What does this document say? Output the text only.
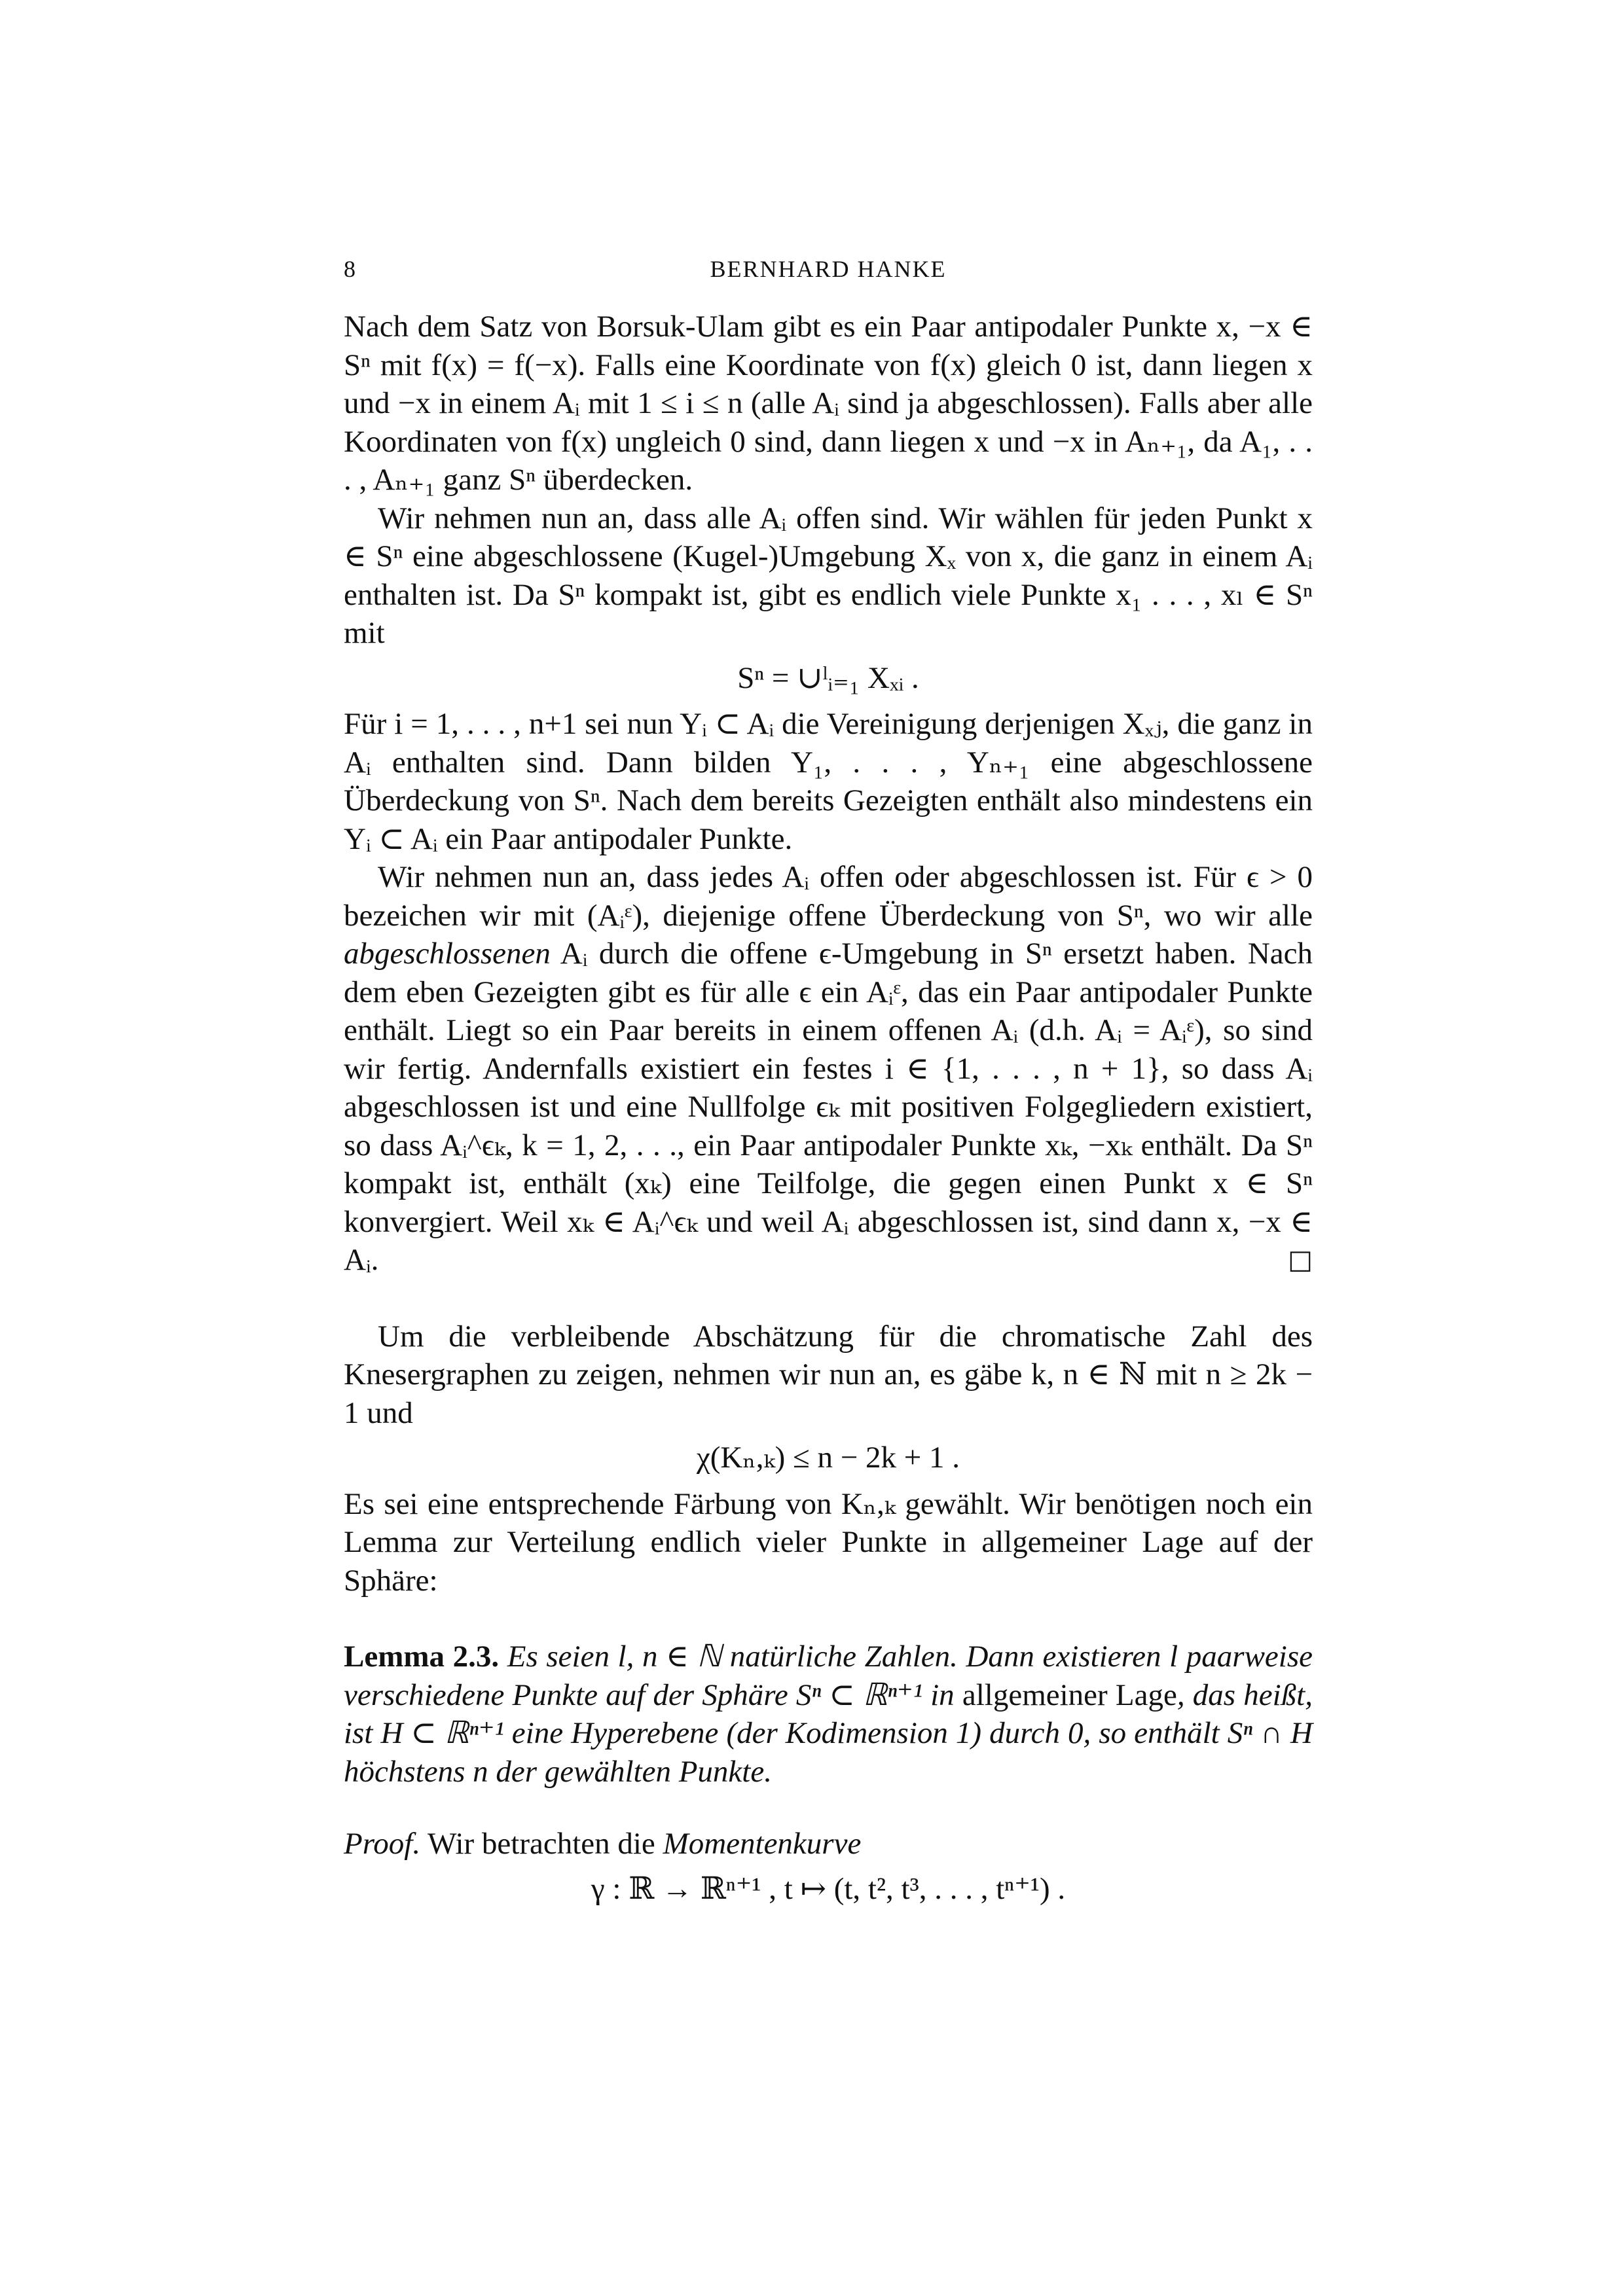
8	BERNHARD HANKE

Nach dem Satz von Borsuk-Ulam gibt es ein Paar antipodaler Punkte x, −x ∈ Sⁿ mit f(x) = f(−x). Falls eine Koordinate von f(x) gleich 0 ist, dann liegen x und −x in einem Aᵢ mit 1 ≤ i ≤ n (alle Aᵢ sind ja abgeschlossen). Falls aber alle Koordinaten von f(x) ungleich 0 sind, dann liegen x und −x in Aₙ₊₁, da A₁, . . . , Aₙ₊₁ ganz Sⁿ überdecken.

Wir nehmen nun an, dass alle Aᵢ offen sind. Wir wählen für jeden Punkt x ∈ Sⁿ eine abgeschlossene (Kugel-)Umgebung Xₓ von x, die ganz in einem Aᵢ enthalten ist. Da Sⁿ kompakt ist, gibt es endlich viele Punkte x₁ . . . , xₗ ∈ Sⁿ mit

Sⁿ = ∪ˡᵢ₌₁ Xₓᵢ .

Für i = 1, . . . , n+1 sei nun Yᵢ ⊂ Aᵢ die Vereinigung derjenigen Xₓⱼ, die ganz in Aᵢ enthalten sind. Dann bilden Y₁, . . . , Yₙ₊₁ eine abgeschlossene Überdeckung von Sⁿ. Nach dem bereits Gezeigten enthält also mindestens ein Yᵢ ⊂ Aᵢ ein Paar antipodaler Punkte.

Wir nehmen nun an, dass jedes Aᵢ offen oder abgeschlossen ist. Für ϵ > 0 bezeichen wir mit (Aᵢᵋ), diejenige offene Überdeckung von Sⁿ, wo wir alle abgeschlossenen Aᵢ durch die offene ϵ-Umgebung in Sⁿ ersetzt haben. Nach dem eben Gezeigten gibt es für alle ϵ ein Aᵢᵋ, das ein Paar antipodaler Punkte enthält. Liegt so ein Paar bereits in einem offenen Aᵢ (d.h. Aᵢ = Aᵢᵋ), so sind wir fertig. Andernfalls existiert ein festes i ∈ {1, . . . , n + 1}, so dass Aᵢ abgeschlossen ist und eine Nullfolge ϵₖ mit positiven Folgegliedern existiert, so dass Aᵢ^ϵₖ, k = 1, 2, . . ., ein Paar antipodaler Punkte xₖ, −xₖ enthält. Da Sⁿ kompakt ist, enthält (xₖ) eine Teilfolge, die gegen einen Punkt x ∈ Sⁿ konvergiert. Weil xₖ ∈ Aᵢ^ϵₖ und weil Aᵢ abgeschlossen ist, sind dann x, −x ∈ Aᵢ.	□

Um die verbleibende Abschätzung für die chromatische Zahl des Knesergraphen zu zeigen, nehmen wir nun an, es gäbe k, n ∈ ℕ mit n ≥ 2k − 1 und

χ(Kₙ,ₖ) ≤ n − 2k + 1 .

Es sei eine entsprechende Färbung von Kₙ,ₖ gewählt. Wir benötigen noch ein Lemma zur Verteilung endlich vieler Punkte in allgemeiner Lage auf der Sphäre:

Lemma 2.3. Es seien l, n ∈ ℕ natürliche Zahlen. Dann existieren l paarweise verschiedene Punkte auf der Sphäre Sⁿ ⊂ ℝⁿ⁺¹ in allgemeiner Lage, das heißt, ist H ⊂ ℝⁿ⁺¹ eine Hyperebene (der Kodimension 1) durch 0, so enthält Sⁿ ∩ H höchstens n der gewählten Punkte.

Proof. Wir betrachten die Momentenkurve

γ : ℝ → ℝⁿ⁺¹ , t ↦ (t, t², t³, . . . , tⁿ⁺¹) .
